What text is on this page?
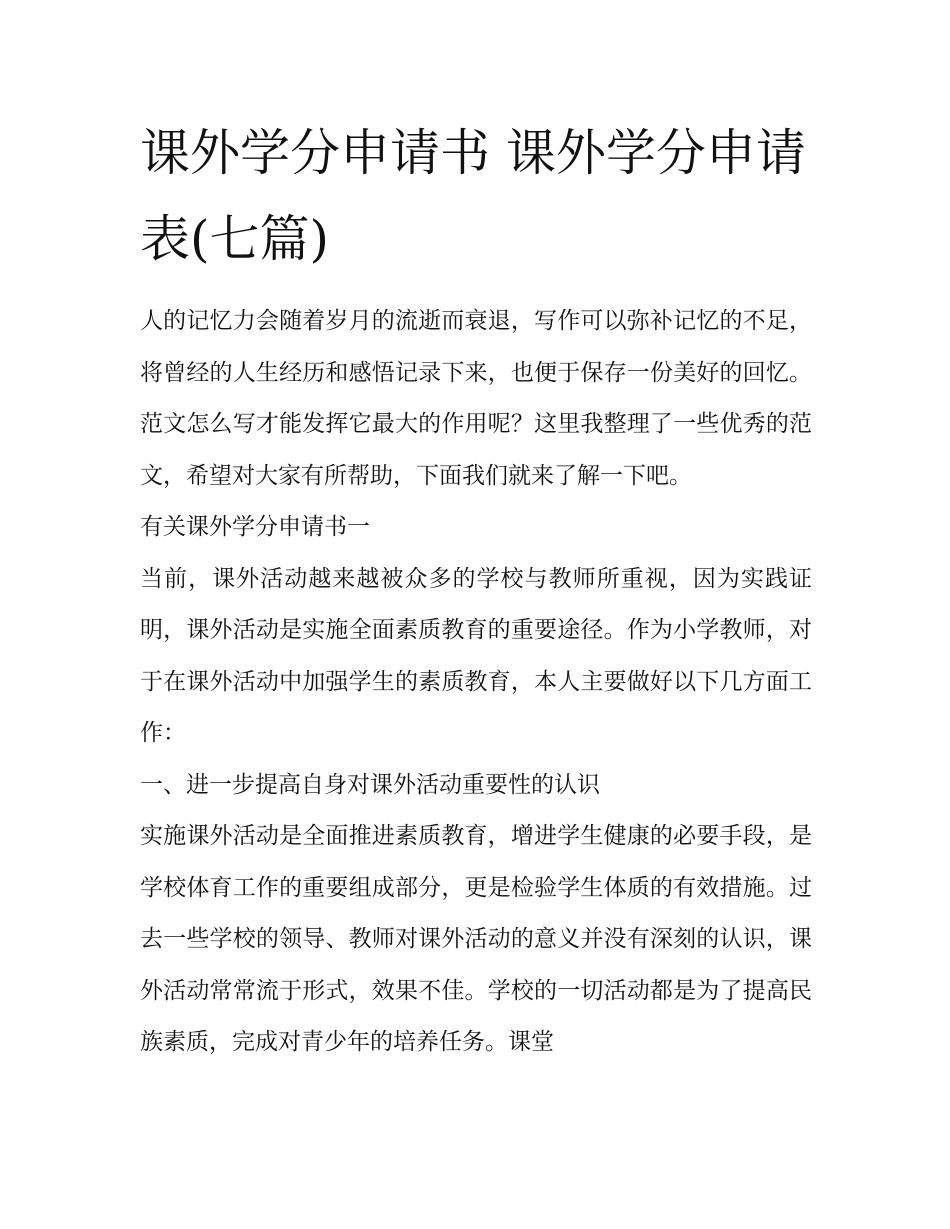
课外学分申请书 课外学分申请表(七篇)

人的记忆力会随着岁月的流逝而衰退，写作可以弥补记忆的不足，将曾经的人生经历和感悟记录下来，也便于保存一份美好的回忆。范文怎么写才能发挥它最大的作用呢？这里我整理了一些优秀的范文，希望对大家有所帮助，下面我们就来了解一下吧。

有关课外学分申请书一

当前，课外活动越来越被众多的学校与教师所重视，因为实践证明，课外活动是实施全面素质教育的重要途径。作为小学教师，对于在课外活动中加强学生的素质教育，本人主要做好以下几方面工作：

一、进一步提高自身对课外活动重要性的认识

实施课外活动是全面推进素质教育，增进学生健康的必要手段，是学校体育工作的重要组成部分，更是检验学生体质的有效措施。过去一些学校的领导、教师对课外活动的意义并没有深刻的认识，课外活动常常流于形式，效果不佳。学校的一切活动都是为了提高民族素质，完成对青少年的培养任务。课堂
